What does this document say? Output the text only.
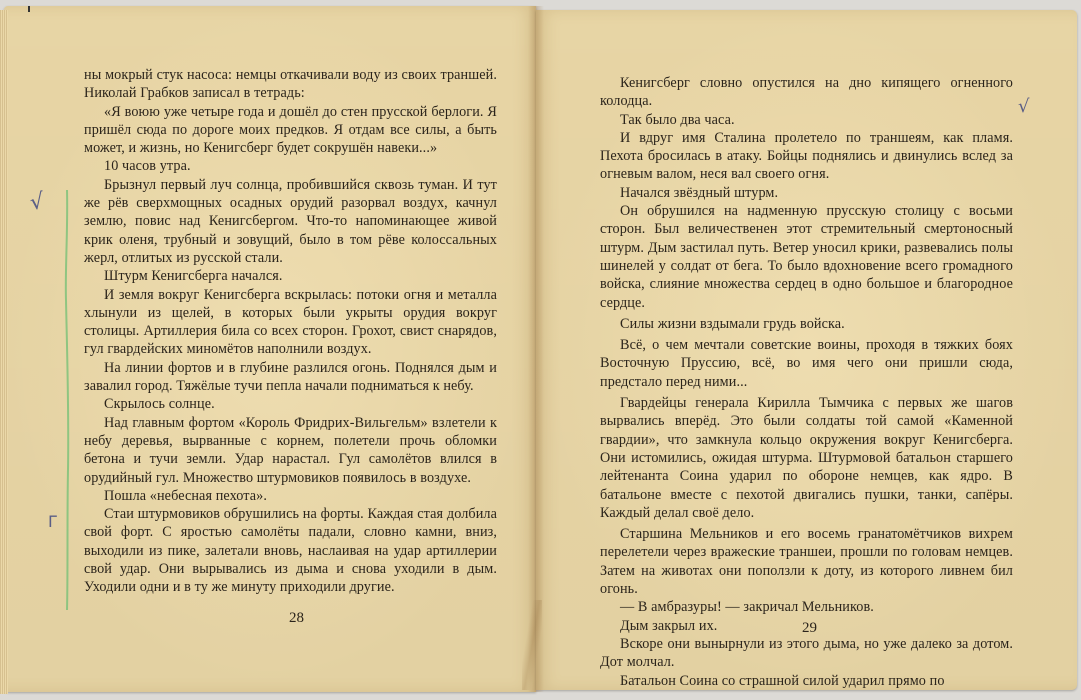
√
√
Г

ны мокрый стук насоса: немцы откачивали воду из своих траншей. Николай Грабков записал в тетрадь:

«Я воюю уже четыре года и дошёл до стен прусской берлоги. Я пришёл сюда по дороге моих предков. Я отдам все силы, а быть может, и жизнь, но Кенигсберг будет сокрушён навеки...»

10 часов утра.

Брызнул первый луч солнца, пробившийся сквозь туман. И тут же рёв сверхмощных осадных орудий разорвал воздух, качнул землю, повис над Кенигсбергом. Что-то напоминающее живой крик оленя, трубный и зовущий, было в том рёве колоссальных жерл, отлитых из русской стали.

Штурм Кенигсберга начался.

И земля вокруг Кенигсберга вскрылась: потоки огня и металла хлынули из щелей, в которых были укрыты орудия вокруг столицы. Артиллерия била со всех сторон. Грохот, свист снарядов, гул гвардейских миномётов наполнили воздух.

На линии фортов и в глубине разлился огонь. Поднялся дым и завалил город. Тяжёлые тучи пепла начали подниматься к небу.

Скрылось солнце.

Над главным фортом «Король Фридрих-Вильгельм» взлетели к небу деревья, вырванные с корнем, полетели прочь обломки бетона и тучи земли. Удар нарастал. Гул самолётов влился в орудийный гул. Множество штурмовиков появилось в воздухе.

Пошла «небесная пехота».

Стаи штурмовиков обрушились на форты. Каждая стая долбила свой форт. С яростью самолёты падали, словно камни, вниз, выходили из пике, залетали вновь, наслаивая на удар артиллерии свой удар. Они вырывались из дыма и снова уходили в дым. Уходили одни и в ту же минуту приходили другие.

28

Кенигсберг словно опустился на дно кипящего огненного колодца.

Так было два часа.

И вдруг имя Сталина пролетело по траншеям, как пламя. Пехота бросилась в атаку. Бойцы поднялись и двинулись вслед за огневым валом, неся вал своего огня.

Начался звёздный штурм.

Он обрушился на надменную прусскую столицу с восьми сторон. Был величественен этот стремительный смертоносный штурм. Дым застилал путь. Ветер уносил крики, развевались полы шинелей у солдат от бега. То было вдохновение всего громадного войска, слияние множества сердец в одно большое и благородное сердце.

Силы жизни вздымали грудь войска.

Всё, о чем мечтали советские воины, проходя в тяжких боях Восточную Пруссию, всё, во имя чего они пришли сюда, предстало перед ними...

Гвардейцы генерала Кирилла Тымчика с первых же шагов вырвались вперёд. Это были солдаты той самой «Каменной гвардии», что замкнула кольцо окружения вокруг Кенигсберга. Они истомились, ожидая штурма. Штурмовой батальон старшего лейтенанта Соина ударил по обороне немцев, как ядро. В батальоне вместе с пехотой двигались пушки, танки, сапёры. Каждый делал своё дело.

Старшина Мельников и его восемь гранатомётчиков вихрем перелетели через вражеские траншеи, прошли по головам немцев. Затем на животах они поползли к доту, из которого ливнем бил огонь.

— В амбразуры! — закричал Мельников.

Дым закрыл их.

Вскоре они вынырнули из этого дыма, но уже далеко за дотом. Дот молчал.

Батальон Соина со страшной силой ударил прямо по

29
